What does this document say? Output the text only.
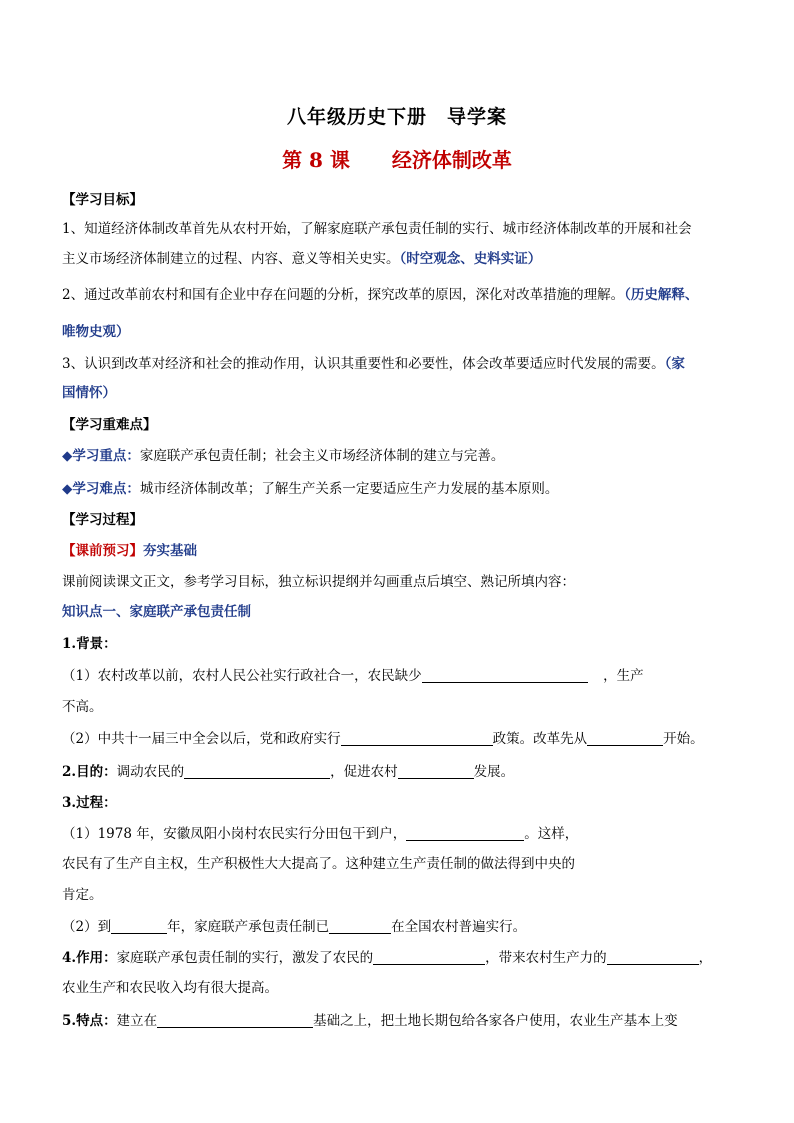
八年级历史下册　导学案
第 8 课 经济体制改革
【学习目标】
1、知道经济体制改革首先从农村开始，了解家庭联产承包责任制的实行、城市经济体制改革的开展和社会
主义市场经济体制建立的过程、内容、意义等相关史实。（时空观念、史料实证）
2、通过改革前农村和国有企业中存在问题的分析，探究改革的原因，深化对改革措施的理解。（历史解释、
唯物史观）
3、认识到改革对经济和社会的推动作用，认识其重要性和必要性，体会改革要适应时代发展的需要。（家
国情怀）
【学习重难点】
◆学习重点：家庭联产承包责任制；社会主义市场经济体制的建立与完善。
◆学习难点：城市经济体制改革；了解生产关系一定要适应生产力发展的基本原则。
【学习过程】
【课前预习】夯实基础
课前阅读课文正文，参考学习目标，独立标识提纲并勾画重点后填空、熟记所填内容：
知识点一、家庭联产承包责任制
1.背景：
（1）农村改革以前，农村人民公社实行政社合一，农民缺少	，生产
不高。
（2）中共十一届三中全会以后，党和政府实行	政策。改革先从	开始。
2.目的：调动农民的	，促进农村	发展。
3.过程：
（1）1978 年，安徽凤阳小岗村农民实行分田包干到户，	。这样，
农民有了生产自主权，生产积极性大大提高了。这种建立生产责任制的做法得到中央的
肯定。
（2）到	年，家庭联产承包责任制已	在全国农村普遍实行。
4.作用：家庭联产承包责任制的实行，激发了农民的	，带来农村生产力的	，
农业生产和农民收入均有很大提高。
5.特点：建立在	基础之上，把土地长期包给各家各户使用，农业生产基本上变
